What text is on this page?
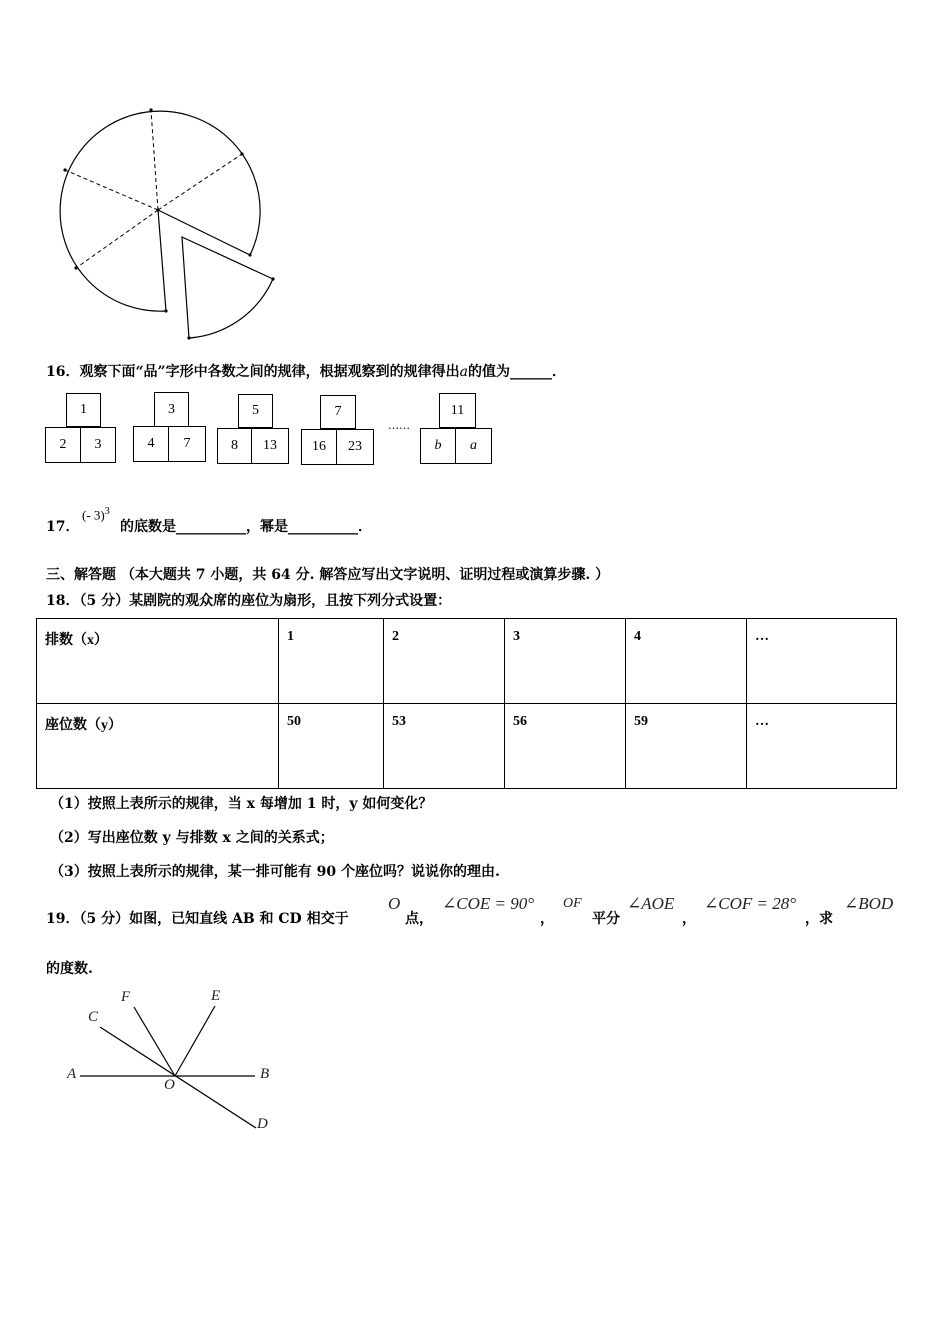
16．观察下面“品”字形中各数之间的规律，根据观察到的规律得出a的值为______．
1
2	3
3
4	7
5
8	13
7
16	23
……
11
b	a
17．
(- 3)$^3$
的底数是__________，幂是__________．
三、解答题 （本大题共 7 小题，共 64 分. 解答应写出文字说明、证明过程或演算步骤. ）
18．（5 分）某剧院的观众席的座位为扇形，且按下列分式设置：
排数（x）	1	2	3	4	…
座位数（y）	50	53	56	59	…
（1）按照上表所示的规律，当 x 每增加 1 时，y 如何变化？
（2）写出座位数 y 与排数 x 之间的关系式；
（3）按照上表所示的规律，某一排可能有 90 个座位吗？说说你的理由.
19．（5 分）如图，已知直线 AB 和 CD 相交于
O
点，
∠COE = 90°
，
OF
平分
∠AOE
，
∠COF = 28°
，求
∠BOD
的度数.
A	B
C
D
E
F
O
